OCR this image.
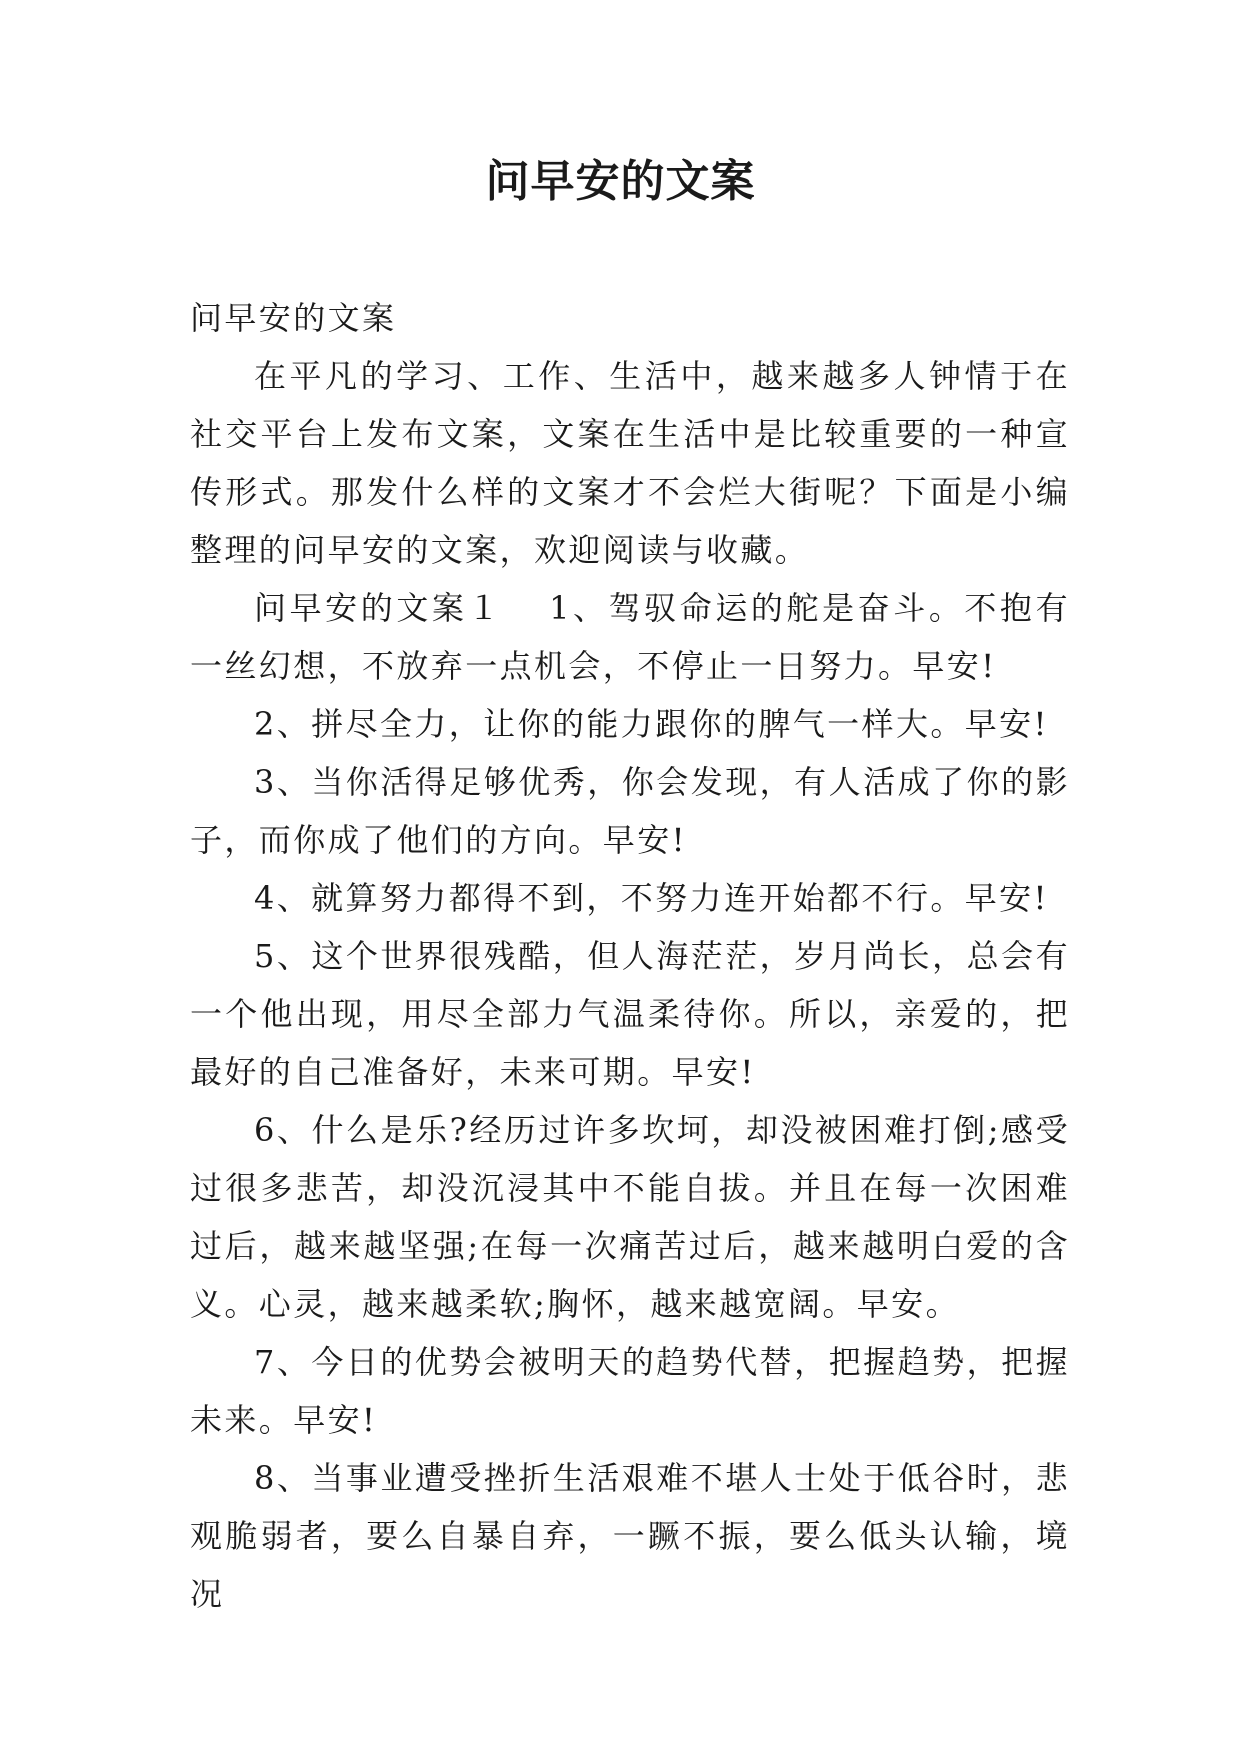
问早安的文案

问早安的文案

在平凡的学习、工作、生活中，越来越多人钟情于在社交平台上发布文案，文案在生活中是比较重要的一种宣传形式。那发什么样的文案才不会烂大街呢？下面是小编整理的问早安的文案，欢迎阅读与收藏。

问早安的文案１ 1、驾驭命运的舵是奋斗。不抱有一丝幻想，不放弃一点机会，不停止一日努力。早安!

2、拼尽全力，让你的能力跟你的脾气一样大。早安!

3、当你活得足够优秀，你会发现，有人活成了你的影子，而你成了他们的方向。早安!

4、就算努力都得不到，不努力连开始都不行。早安!

5、这个世界很残酷，但人海茫茫，岁月尚长，总会有一个他出现，用尽全部力气温柔待你。所以，亲爱的，把最好的自己准备好，未来可期。早安!

6、什么是乐?经历过许多坎坷，却没被困难打倒;感受过很多悲苦，却没沉浸其中不能自拔。并且在每一次困难过后，越来越坚强;在每一次痛苦过后，越来越明白爱的含义。心灵，越来越柔软;胸怀，越来越宽阔。早安。

7、今日的优势会被明天的趋势代替，把握趋势，把握未来。早安!

8、当事业遭受挫折生活艰难不堪人士处于低谷时，悲观脆弱者，要么自暴自弃，一蹶不振，要么低头认输，境况
